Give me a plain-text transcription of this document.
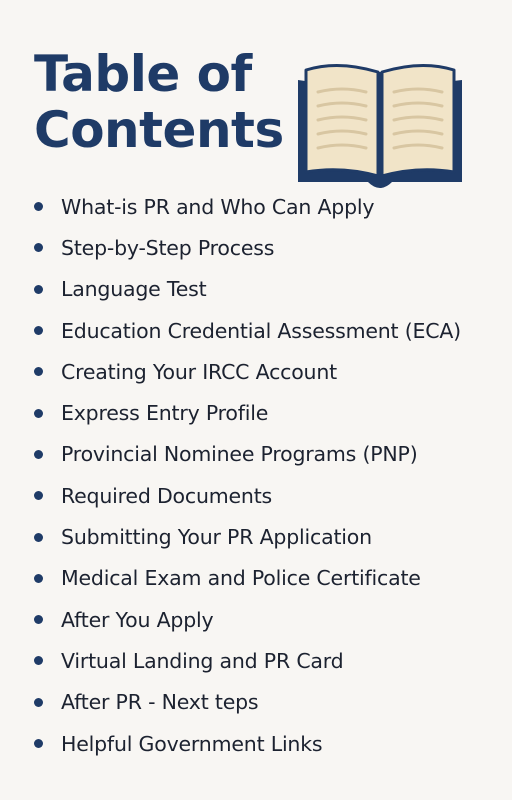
Table of
Contents
What-is PR and Who Can Apply
Step-by-Step Process
Language Test
Education Credential Assessment (ECA)
Creating Your IRCC Account
Express Entry Profile
Provincial Nominee Programs (PNP)
Required Documents
Submitting Your PR Application
Medical Exam and Police Certificate
After You Apply
Virtual Landing and PR Card
After PR - Next teps
Helpful Government Links
